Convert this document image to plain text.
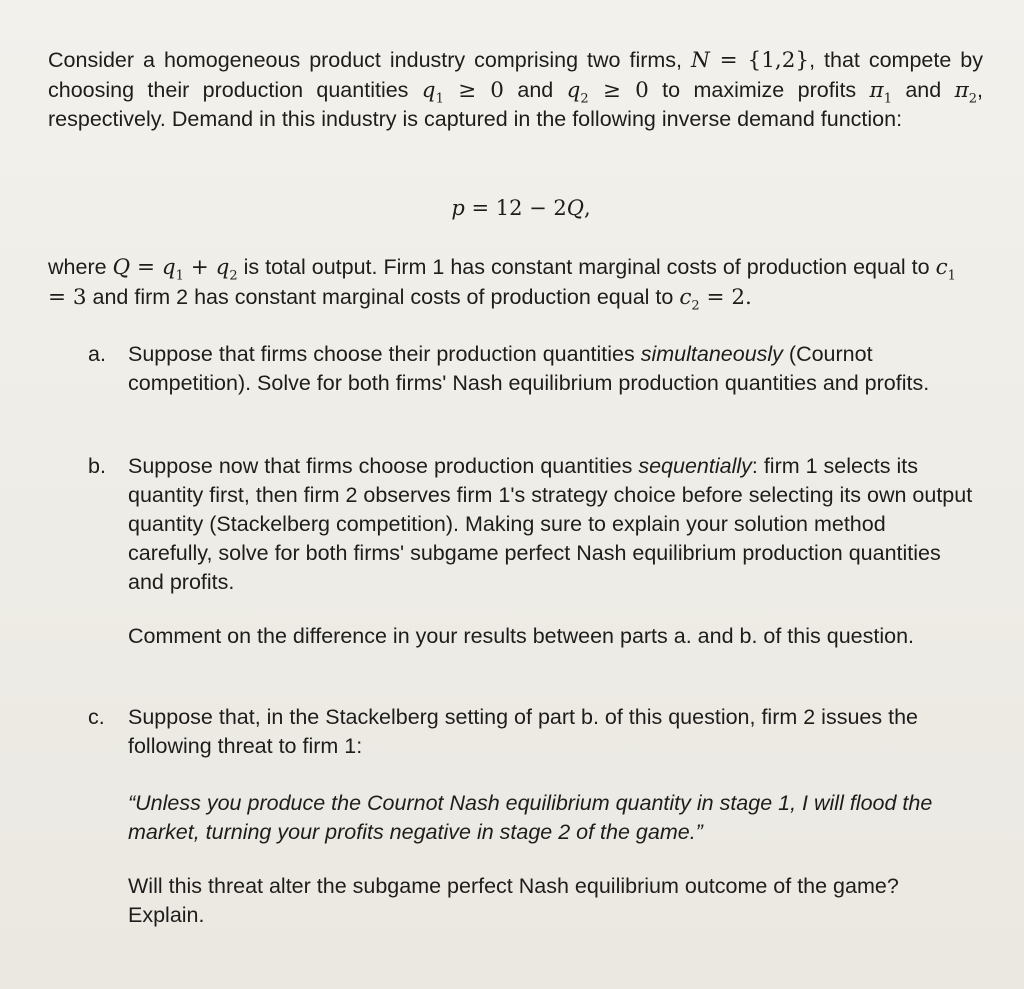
Consider a homogeneous product industry comprising two firms, N = {1,2}, that compete by choosing their production quantities $q_1 \ge 0$ and $q_2 \ge 0$ to maximize profits $\pi_1$ and $\pi_2$, respectively. Demand in this industry is captured in the following inverse demand function:
p = 12 − 2Q,
where $Q = q_1 + q_2$ is total output. Firm 1 has constant marginal costs of production equal to $c_1 = 3$ and firm 2 has constant marginal costs of production equal to $c_2 = 2$.
a.	Suppose that firms choose their production quantities simultaneously (Cournot competition). Solve for both firms' Nash equilibrium production quantities and profits.
b.	Suppose now that firms choose production quantities sequentially: firm 1 selects its quantity first, then firm 2 observes firm 1's strategy choice before selecting its own output quantity (Stackelberg competition). Making sure to explain your solution method carefully, solve for both firms' subgame perfect Nash equilibrium production quantities and profits.
Comment on the difference in your results between parts a. and b. of this question.
c.	Suppose that, in the Stackelberg setting of part b. of this question, firm 2 issues the following threat to firm 1:
“Unless you produce the Cournot Nash equilibrium quantity in stage 1, I will flood the market, turning your profits negative in stage 2 of the game.”
Will this threat alter the subgame perfect Nash equilibrium outcome of the game? Explain.
